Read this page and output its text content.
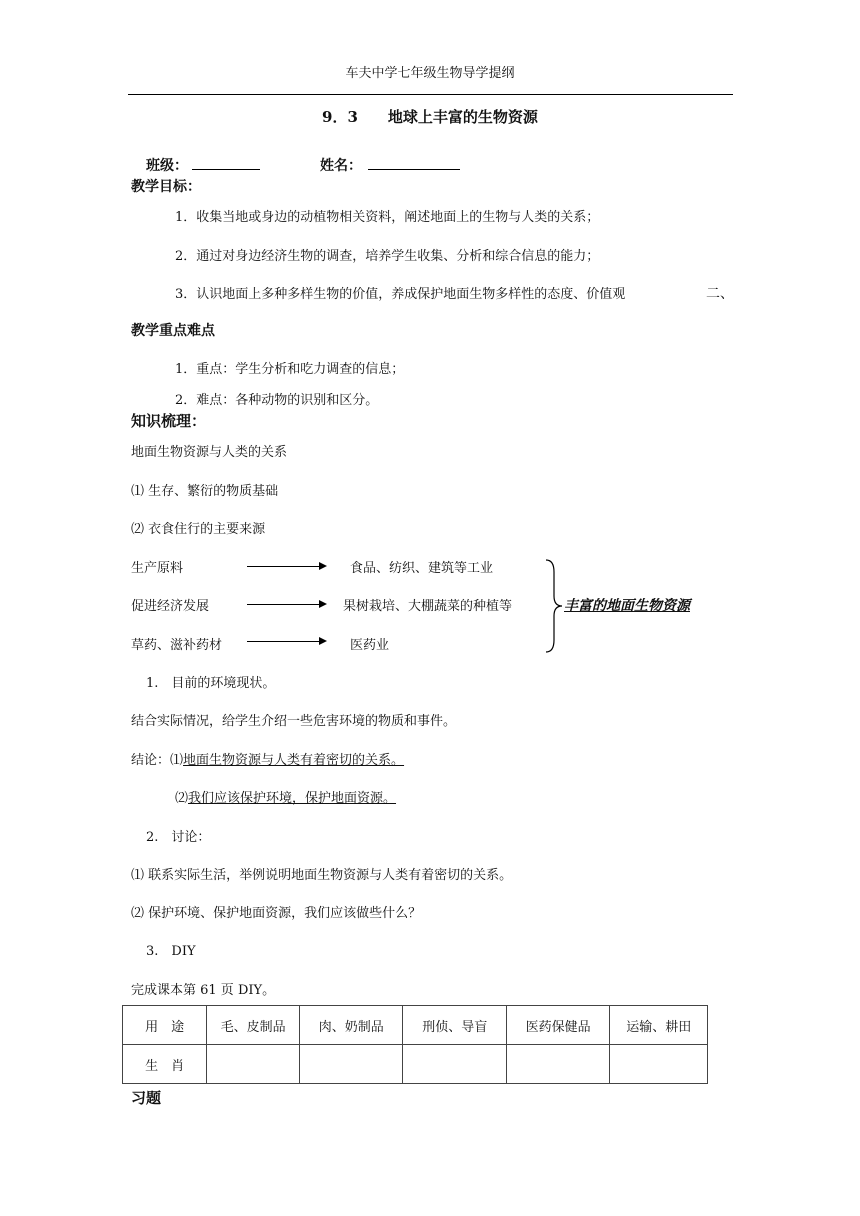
车夫中学七年级生物导学提纲
9．3　　地球上丰富的生物资源
班级：	姓名：
教学目标：
1．收集当地或身边的动植物相关资料，阐述地面上的生物与人类的关系；
2．通过对身边经济生物的调查，培养学生收集、分析和综合信息的能力；
3．认识地面上多种多样生物的价值，养成保护地面生物多样性的态度、价值观	二、
教学重点难点
1．重点：学生分析和吃力调查的信息；
2．难点：各种动物的识别和区分。
知识梳理：
地面生物资源与人类的关系
⑴ 生存、繁衍的物质基础
⑵ 衣食住行的主要来源
生产原料	食品、纺织、建筑等工业
促进经济发展	果树栽培、大棚蔬菜的种植等
草药、滋补药材	医药业
丰富的地面生物资源
1.　目前的环境现状。
结合实际情况，给学生介绍一些危害环境的物质和事件。
结论：⑴地面生物资源与人类有着密切的关系。
⑵我们应该保护环境，保护地面资源。
2.　讨论：
⑴ 联系实际生活，举例说明地面生物资源与人类有着密切的关系。
⑵ 保护环境、保护地面资源，我们应该做些什么？
3.　DIY
完成课本第 61 页 DIY。
用　途	毛、皮制品	肉、奶制品	刑侦、导盲	医药保健品	运输、耕田
生　肖					
习题
